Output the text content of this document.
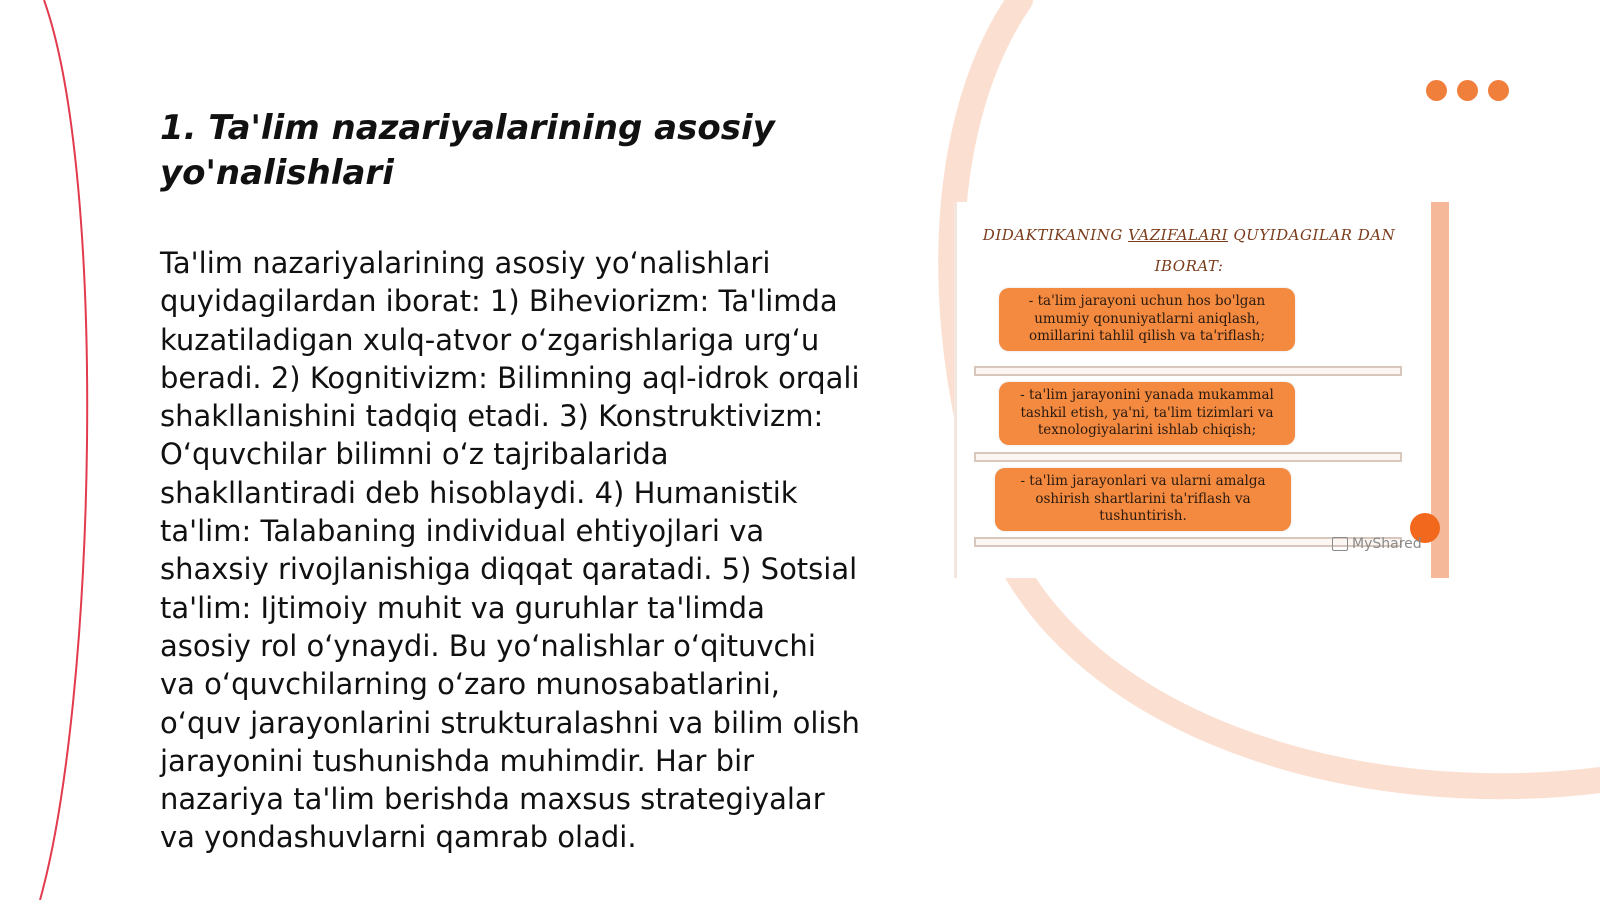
1. Ta'lim nazariyalarining asosiy yo'nalishlari

Ta'lim nazariyalarining asosiy yo‘nalishlari quyidagilardan iborat: 1) Biheviorizm: Ta'limda kuzatiladigan xulq-atvor o‘zgarishlariga urg‘u beradi. 2) Kognitivizm: Bilimning aql-idrok orqali shakllanishini tadqiq etadi. 3) Konstruktivizm: O‘quvchilar bilimni o‘z tajribalarida shakllantiradi deb hisoblaydi. 4) Humanistik ta'lim: Talabaning individual ehtiyojlari va shaxsiy rivojlanishiga diqqat qaratadi. 5) Sotsial ta'lim: Ijtimoiy muhit va guruhlar ta'limda asosiy rol o‘ynaydi. Bu yo‘nalishlar o‘qituvchi va o‘quvchilarning o‘zaro munosabatlarini, o‘quv jarayonlarini strukturalashni va bilim olish jarayonini tushunishda muhimdir. Har bir nazariya ta'lim berishda maxsus strategiyalar va yondashuvlarni qamrab oladi.

DIDAKTIKANING VAZIFALARI QUYIDAGILAR DAN IBORAT:
- ta'lim jarayoni uchun hos bo'lgan umumiy qonuniyatlarni aniqlash, omillarini tahlil qilish va ta'riflash;
- ta'lim jarayonini yanada mukammal tashkil etish, ya'ni, ta'lim tizimlari va texnologiyalarini ishlab chiqish;
- ta'lim jarayonlari va ularni amalga oshirish shartlarini ta'riflash va tushuntirish.
MyShared
